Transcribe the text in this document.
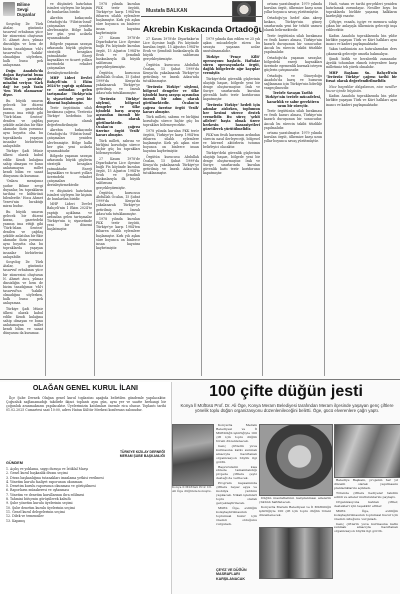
Bilime
Sevgi
Duyanlar

Sosyolog Dr. Türk Atalar, günümüz tasavvuf erbabının yüce bir zümresini oluşturan N. Ahmet Avcı, yılmaz dinsizliğin ve hem de bizim tanıdığımız 'ehl-i tasavvuf'un 'hakiki' olmadığını söylerken, halk bunu pek anlayamaz.

Doğu Anadolu'da doğan Baytarini buna 'Türk'ün yaratılış' misalini veriyor. 'Kırk dağ' ise yaşlı Yasin 'Sen Türk olamazsın' diyor.

Bu büyük sınavın gelecek bir düzeni kuran, gazetedeki yazının ima ettiği gibi 'Türk-İslam Sentezi' denilen ve çağdaş şekilde anlatılan bir fikir akımıdır. Sizin yorumuz aynı boyutta olsa bu topraklarda yaşayan insanlar birbirlerini anlayabilir.

Türkiye Şadi Münir ülkesi olarak kabul edilir. Kendi kulağına sahip olmayan ve bunu anlatamayan millet kendi bilim ve sanat dünyasını da kuramaz.

'Onlara mesajımız şudur: Bilime sevgi duyanlar, bu toprakların tarihini ve kültürünü bilenlerdir.' Hoca Ahmet Yesevi'nin bıraktığı miras budur.

Bu büyük sınavın gelecek bir düzeni kuran, gazetedeki yazının ima ettiği gibi 'Türk-İslam Sentezi' denilen ve çağdaş şekilde anlatılan bir fikir akımıdır. Sizin yorumuz aynı boyutta olsa bu topraklarda yaşayan insanlar birbirlerini anlayabilir.

Sosyolog Dr. Türk Atalar, günümüz tasavvuf erbabının yüce bir zümresini oluşturan N. Ahmet Avcı, yılmaz dinsizliğin ve hem de bizim tanıdığımız 'ehl-i tasavvuf'un 'hakiki' olmadığını söylerken, halk bunu pek anlayamaz.

Türkiye Şadi Münir ülkesi olarak kabul edilir. Kendi kulağına sahip olmayan ve bunu anlatamayan millet kendi bilim ve sanat dünyasını da kuramaz.

ve düşünürü hatırlatan isimleri söyleyen bir kişinin de bunlardan biridir.

Akrebin kıskacında Ortadoğu'da 'Filistin-İsrail' çatışmaları yeniden alevlenmiştir. Bölge halkı her gün yeni acılarla uyanmaktadır.

Bölgede yaşanan savaşın arkasında büyük güçlerin stratejik hesapları yatmaktadır. Enerji kaynakları ve ticaret yolları üzerindeki rekabet çatışmaları derinleştirmektedir.

MHP Lideri Devlet Bahçeli'nin 1 Ekim 2024'te yaptığı açıklama ve ardından gelen tartışmalar Türkiye'nin iç siyasetinde yeni bir dönemi başlatmıştır.

Terör örgütünün silah bırakması çağrısı, 'Terörsüz Türkiye' hedefinin bir parçası olarak değerlendirilmiştir.

Akrebin kıskacında Ortadoğu'da 'Filistin-İsrail' çatışmaları yeniden alevlenmiştir. Bölge halkı her gün yeni acılarla uyanmaktadır.

Bölgede yaşanan savaşın arkasında büyük güçlerin stratejik hesapları yatmaktadır. Enerji kaynakları ve ticaret yolları üzerindeki rekabet çatışmaları derinleştirmektedir.

ve düşünürü hatırlatan isimleri söyleyen bir kişinin de bunlardan biridir.

MHP Lideri Devlet Bahçeli'nin 1 Ekim 2024'te yaptığı açıklama ve ardından gelen tartışmalar Türkiye'nin iç siyasetinde yeni bir dönemi başlatmıştır.

1978 yılında kurulan PKK terör örgütü, Türkiye'ye karşı 1984'ten itibaren silahlı eylemlere başlamıştır. Kırk yılı aşkın süre boyunca on binlerce insan hayatını kaybetmiştir.

27 Kasım 1978'de Diyarbakır'ın Lice ilçesine bağlı Fis köyünde kurulan örgüt, 15 Ağustos 1984'te Eruh ve Şemdinli baskınlarıyla ilk büyük saldırısını gerçekleştirmiştir.

Örgütün kurucusu Abdullah Öcalan, 15 Şubat 1999'da Kenya'da yakalanarak Türkiye'ye getirilmiş ve İmralı Adası'nda tutuklanmıştır.

'Terörsüz Türkiye' söylemi, bölgesel dengeler ve ülke içindeki barış arayışı açısından önemli bir adım olarak görülmektedir. Öcalan'ın çağrısı üzerine örgüt 'fesih' kararı almıştır.

Türk milleti, sabrını ve birliğini koruduğu sürece hiçbir güç bu toprakları bölemeyecektir.

27 Kasım 1978'de Diyarbakır'ın Lice ilçesine bağlı Fis köyünde kurulan örgüt, 15 Ağustos 1984'te Eruh ve Şemdinli baskınlarıyla ilk büyük saldırısını gerçekleştirmiştir.

Örgütün kurucusu Abdullah Öcalan, 15 Şubat 1999'da Kenya'da yakalanarak Türkiye'ye getirilmiş ve İmralı Adası'nda tutuklanmıştır.

1978 yılında kurulan PKK terör örgütü, Türkiye'ye karşı 1984'ten itibaren silahlı eylemlere başlamıştır. Kırk yılı aşkın süre boyunca on binlerce insan hayatını kaybetmiştir.

Mustafa BALKAN
Akrebin Kıskacında Ortadoğu

27 Kasım 1978'de Diyarbakır'ın Lice ilçesine bağlı Fis köyünde kurulan örgüt, 15 Ağustos 1984'te Eruh ve Şemdinli baskınlarıyla ilk büyük saldırısını gerçekleştirmiştir.

Örgütün kurucusu Abdullah Öcalan, 15 Şubat 1999'da Kenya'da yakalanarak Türkiye'ye getirilmiş ve İmralı Adası'nda tutuklanmıştır.

'Terörsüz Türkiye' söylemi, bölgesel dengeler ve ülke içindeki barış arayışı açısından önemli bir adım olarak görülmektedir. Öcalan'ın çağrısı üzerine örgüt 'fesih' kararı almıştır.

Türk milleti, sabrını ve birliğini koruduğu sürece hiçbir güç bu toprakları bölemeyecektir.

1978 yılında kurulan PKK terör örgütü, Türkiye'ye karşı 1984'ten itibaren silahlı eylemlere başlamıştır. Kırk yılı aşkın süre boyunca on binlerce insan hayatını kaybetmiştir.

Örgütün kurucusu Abdullah Öcalan, 15 Şubat 1999'da Kenya'da yakalanarak Türkiye'ye getirilmiş ve İmralı Adası'nda tutuklanmıştır.

1979 yılında ilan edilen ve 25 yılı aşkın mücadeleyle süren bu savaşta yaşanan acılar unutulmamalıdır.

Türkiye 'Pençe Kilit' operasyonu başlattı. Haftalar süren operasyonlarla örgüt, dağlık bölgelerde ağır kayıplar vermiştir.

Türkiye'deki güvenlik güçlerinin ulaştığı başarı, bölgede yeni bir denge oluşturmuştur. Irak ve Suriye sınırlarında kurulan güvenlik hattı terör koridorunu kapatmıştır.

'Terörsüz Türkiye' hedefi için adımlar atılırken, toplumun her kesimi sürece destek vermelidir. Bu süreç 'şehit aileleri' başta olmak üzere herkesin hassasiyetleri gözetilerek yürütülmelidir.

PKK'nın fesih kararının ardından sürecin nasıl ilerleyeceği, bölgesel ve küresel aktörlerin tutumu belirleyici olacaktır.

Türkiye'deki güvenlik güçlerinin ulaştığı başarı, bölgede yeni bir denge oluşturmuştur. Irak ve Suriye sınırlarında kurulan güvenlik hattı terör koridorunu kapatmıştır.

ortamı yaratılmıştır. 1979 yılında kurulan örgüt, ülkemize karşı uzun yıllar boyunca savaş yürütmüştür.

Ortadoğu'yu hedef alan akrep kıskacı, Türkiye'nin güney sınırlarında yeni bir tehdit unsuru olarak belirmektedir.

Terör örgütünün silah bırakması ve fesih kararı alması, Türkiye'nin kararlı duruşunun bir sonucudur. Ancak bu sürecin takibi titizlikle yapılmalıdır.

Ortadoğu'da yaşanan savaşlar, bölgedeki enerji kaynakları üzerinde egemenlik kurmak isteyen güçlerin çatışmasıdır.

Ortadoğu ve Güneydoğu Anadolu'da barış ve huzurun sağlanması için Türkiye'nin liderliği vazgeçilmezdir.

Terörle Savaşın Tarihi: Türkiye'nin terörle mücadelesi, kararlılık ve sabır gerektiren uzun bir süreçtir.

Terör örgütünün silah bırakması ve fesih kararı alması, Türkiye'nin kararlı duruşunun bir sonucudur. Ancak bu sürecin takibi titizlikle yapılmalıdır.

ortamı yaratılmıştır. 1979 yılında kurulan örgüt, ülkemize karşı uzun yıllar boyunca savaş yürütmüştür.

Hadi, vatanı ve tarihi gerçekleri yeniden hatırlamak zorundayız. Nesiller boyu bu topraklarda birlikte yaşamış halkların kardeşliği esastır.

Çiftçiye, esnafa, işçiye ve memura sahip çıkan bir anlayışla ülkemizin geleceği inşa edilecektir.

Kadim Anadolu topraklarında bin yıldır birlikte yaşayan Türk ve Kürt halkları aynı inancı ve kaderi paylaşmaktadır.

Yakın tarihimizin acı hatıralarından ders çıkararak geleceğe umutla bakmalıyız.

Şimdi birlik ve beraberlik zamanıdır. Ayrılık tohumları ekmek isteyenlere karşı milletimiz tek yürek olmalıdır.

MHP Başkanı Sn. Bahçeli'nin 'Terörsüz Türkiye' çağrısı tarihi bir fırsat olarak değerlendirilmelidir.

Nice bayraklar dalgalansın, nice nesiller huzur içinde büyüsün.

Kadim Anadolu topraklarında bin yıldır birlikte yaşayan Türk ve Kürt halkları aynı inancı ve kaderi paylaşmaktadır.

OLAĞAN GENEL KURUL İLANI

İlçe Şube Dernek Olağan genel kurul toplantısı aşağıda belirtilen gündemle yapılacaktır. Çoğunluk sağlanamadığı takdirde ikinci toplantı aynı gün, aynı yer ve saatte herhangi bir çoğunluk aranmaksızın yapılacaktır. Üyelerimizin katılımları önemle rica olunur. Toplantı tarihi 01.02.2025 Cumartesi saat 10:00, adres Hatun Kültür Merkezi konferans salonudur.

TÜRKİYE KIZILAY DERNEĞİ
MERAM ŞUBE BAŞKANLIĞI
GÜNDEM
1. Açılış ve yoklama, saygı duruşu ve İstiklal Marşı
2. Genel kurul başkanlık divanı seçimi
3. Divan başkanlığına tutanakları imzalama yetkisi verilmesi
4. Yönetim kurulu faaliyet raporunun okunması
5. Denetim kurulu raporunun okunması ve görüşülmesi
6. Raporların müzakeresi ve oylanması
7. Yönetim ve denetim kurullarının ibra edilmesi
8. Tahmini bütçenin görüşülerek kabulü
9. Şube yönetim kurulu üyelerinin seçimi
10. Şube denetim kurulu üyelerinin seçimi
11. Genel kurul delegelerinin seçimi
12. Dilek ve temenniler
13. Kapanış
100 çifte düğün jesti
Konya İl Müftüsü Prof. Dr. Ali Öge, Konya Meram Belediyesi tarafından Meram ilçesinde yaşayan genç çiftlere yönelik toplu düğün organizasyonu düzenlenileceğini belirtti. Öge, gücü elverenlere çağrı yaptı.
Konya İl Müftüsü Prof. Dr. Ali Öge düğünde konuştu.

Konya'da Meram Belediyesi ve İl Müftülüğü işbirliğiyle 100 çift için toplu düğün töreni düzenlenecek.

Genç çiftlerin yuva kurmasına katkı sunmak amacıyla hazırlanan organizasyon büyük ilgi gördü.

Başvuruların kısa sürede tamamlandığı projede çiftlere çeyiz desteği de verilecek.

Program kapsamında çiftlere beyaz eşya ve mobilya yardımı yapılacak. Nikah işlemleri toplu olarak gerçekleştirilecek.

Müftü Öge, evliliğin kolaylaştırılmasının toplumsal huzur için önemli olduğunu vurguladı.

ÇEYİZ VE DÜĞÜN MASRAFLARI KARŞILANACAK

Düğün masraflarının karşılanması ailelerin yükünü hafifletecek.

Konya'da Meram Belediyesi ve İl Müftülüğü işbirliğiyle 100 çift için toplu düğün töreni düzenlenecek.

Belediye Başkanı, projenin her yıl düzenli olarak yapılmasını planladıklarını açıkladı.

Törende çiftlere hediyeler takdim edildi ve aileler mutluluklarını paylaştı.

Organizasyona katılan çiftler, destekleri için teşekkür ettiler.

Müftü Öge, evliliğin kolaylaştırılmasının toplumsal huzur için önemli olduğunu vurguladı.

Genç çiftlerin yuva kurmasına katkı sunmak amacıyla hazırlanan organizasyon büyük ilgi gördü.
